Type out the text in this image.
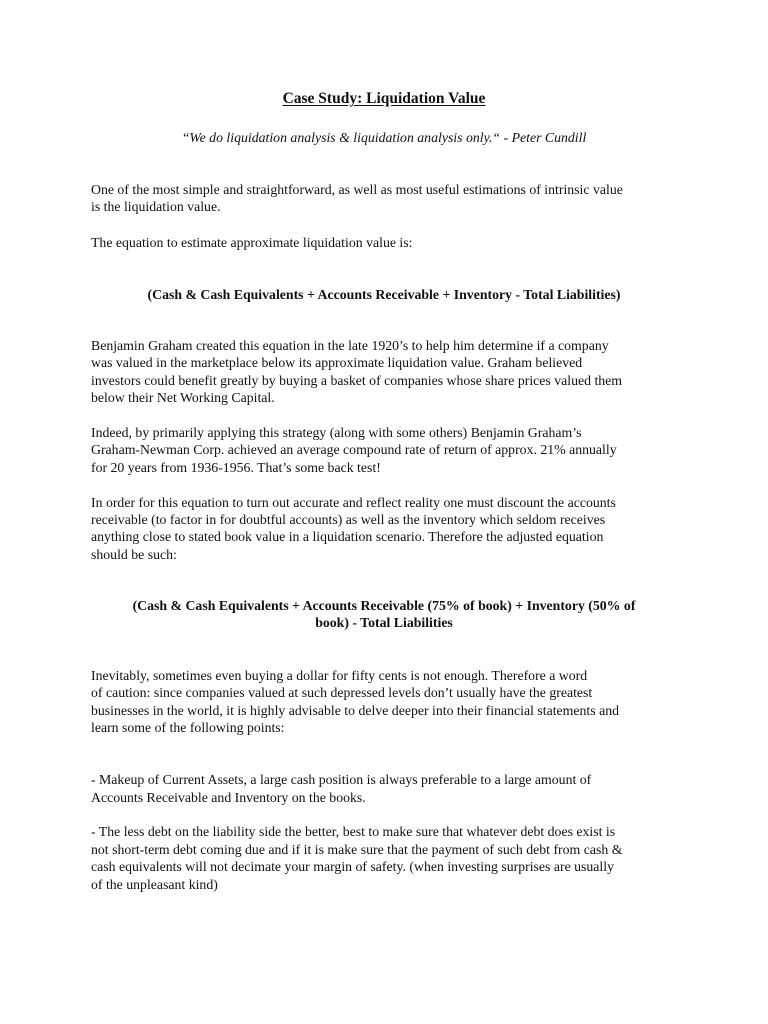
Case Study: Liquidation Value
“We do liquidation analysis & liquidation analysis only.“ - Peter Cundill
One of the most simple and straightforward, as well as most useful estimations of intrinsic value
is the liquidation value.
The equation to estimate approximate liquidation value is:
(Cash & Cash Equivalents + Accounts Receivable + Inventory - Total Liabilities)
Benjamin Graham created this equation in the late 1920’s to help him determine if a company
was valued in the marketplace below its approximate liquidation value. Graham believed
investors could benefit greatly by buying a basket of companies whose share prices valued them
below their Net Working Capital.
Indeed, by primarily applying this strategy (along with some others) Benjamin Graham’s
Graham-Newman Corp. achieved an average compound rate of return of approx. 21% annually
for 20 years from 1936-1956. That’s some back test!
In order for this equation to turn out accurate and reflect reality one must discount the accounts
receivable (to factor in for doubtful accounts) as well as the inventory which seldom receives
anything close to stated book value in a liquidation scenario. Therefore the adjusted equation
should be such:
(Cash & Cash Equivalents + Accounts Receivable (75% of book) + Inventory (50% of
book) - Total Liabilities
Inevitably, sometimes even buying a dollar for fifty cents is not enough. Therefore a word
of caution: since companies valued at such depressed levels don’t usually have the greatest
businesses in the world, it is highly advisable to delve deeper into their financial statements and
learn some of the following points:
- Makeup of Current Assets, a large cash position is always preferable to a large amount of
Accounts Receivable and Inventory on the books.
- The less debt on the liability side the better, best to make sure that whatever debt does exist is
not short-term debt coming due and if it is make sure that the payment of such debt from cash &
cash equivalents will not decimate your margin of safety. (when investing surprises are usually
of the unpleasant kind)
